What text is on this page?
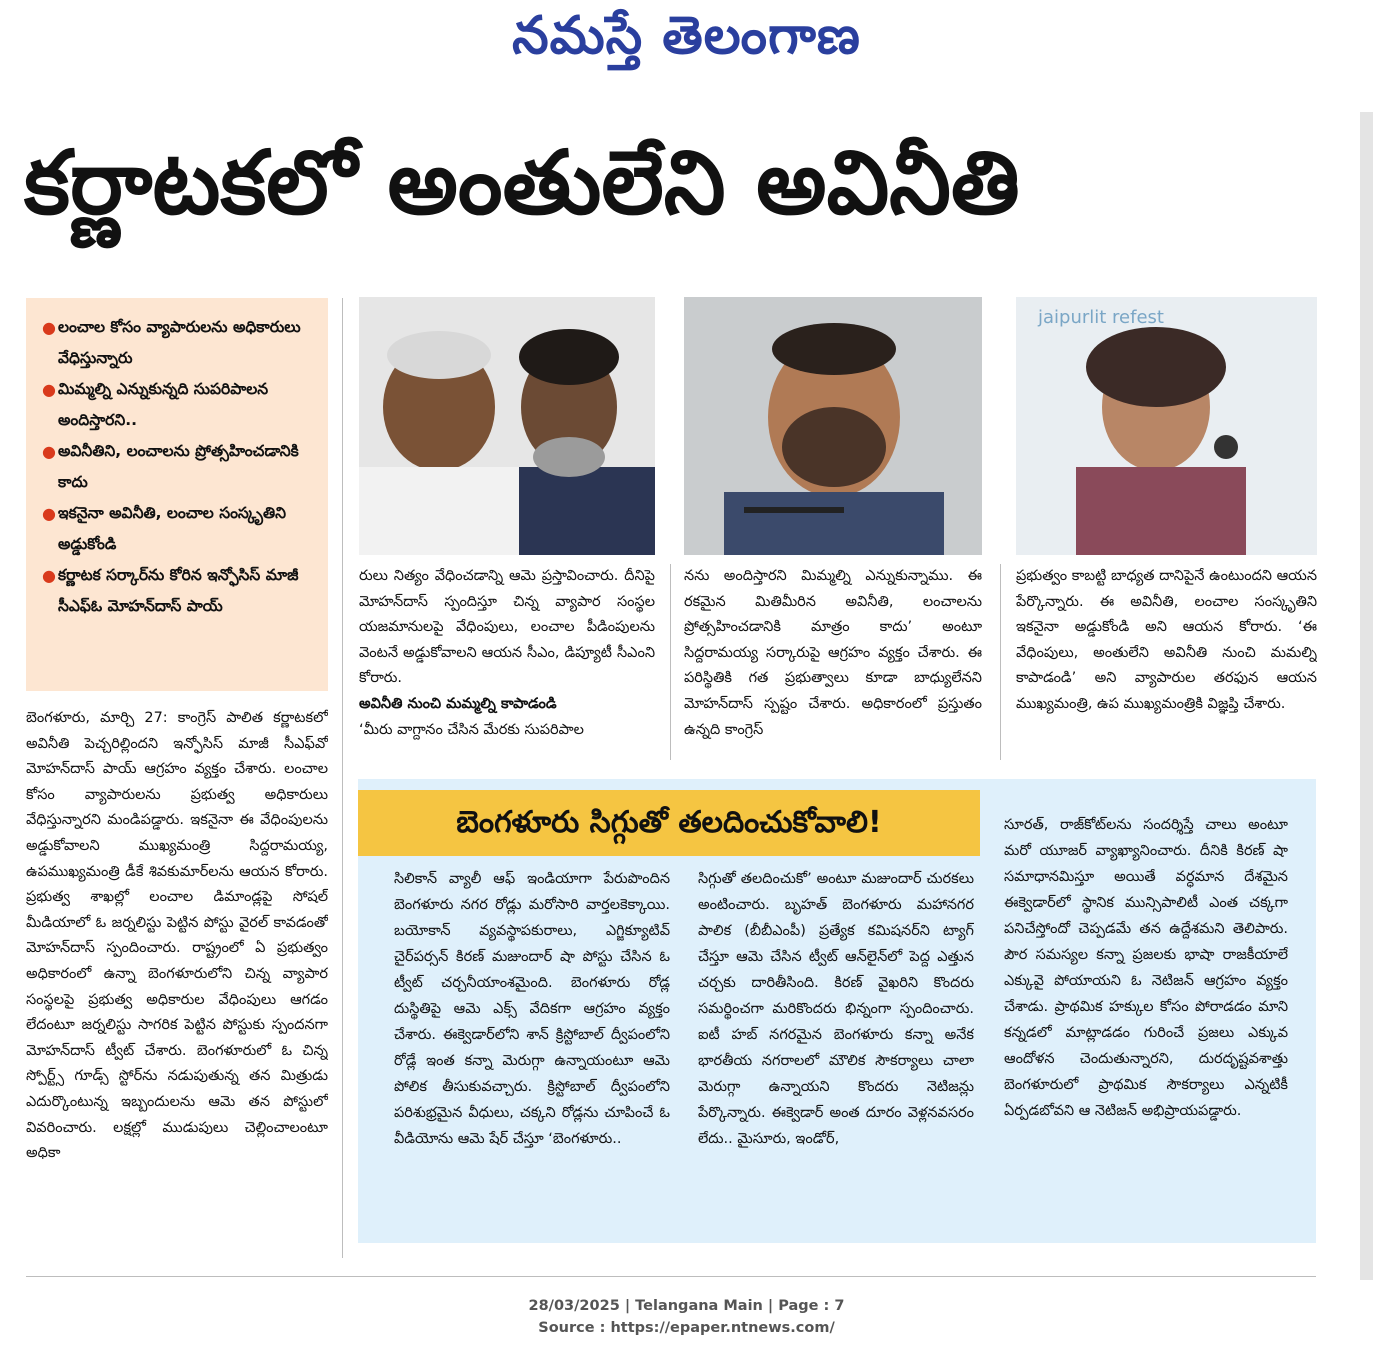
నమస్తే తెలంగాణ
కర్ణాటకలో అంతులేని అవినీతి
● లంచాల కోసం వ్యాపారులను అధికారులు వేధిస్తున్నారు
● మిమ్మల్ని ఎన్నుకున్నది సుపరిపాలన అందిస్తారని..
● అవినీతిని, లంచాలను ప్రోత్సహించడానికి కాదు
● ఇకనైనా అవినీతి, లంచాల సంస్కృతిని అడ్డుకోండి
● కర్ణాటక సర్కార్‌ను కోరిన ఇన్ఫోసిస్ మాజీ సీఎఫ్ఓ మోహన్‌దాస్ పాయ్
jaipurlit refest

బెంగళూరు, మార్చి 27: కాంగ్రెస్ పాలిత కర్ణాటకలో అవినీతి పెచ్చరిల్లిందని ఇన్ఫోసిస్ మాజీ సీఎఫ్‌వో మోహన్‌దాస్ పాయ్ ఆగ్రహం వ్యక్తం చేశారు. లంచాల కోసం వ్యాపారులను ప్రభుత్వ అధికారులు వేధిస్తున్నారని మండిపడ్డారు. ఇకనైనా ఈ వేధింపులను అడ్డుకోవాలని ముఖ్యమంత్రి సిద్దరామయ్య, ఉపముఖ్యమంత్రి డీకే శివకుమార్‌లను ఆయన కోరారు. ప్రభుత్వ శాఖల్లో లంచాల డిమాండ్లపై సోషల్ మీడియాలో ఓ జర్నలిస్టు పెట్టిన పోస్టు వైరల్ కావడంతో మోహన్‌దాస్ స్పందించారు. రాష్ట్రంలో ఏ ప్రభుత్వం అధికారంలో ఉన్నా బెంగళూరులోని చిన్న వ్యాపార సంస్థలపై ప్రభుత్వ అధికారుల వేధింపులు ఆగడం లేదంటూ జర్నలిస్టు సాగరిక పెట్టిన పోస్టుకు స్పందనగా మోహన్‌దాస్ ట్వీట్ చేశారు. బెంగళూరులో ఓ చిన్న స్పోర్ట్స్ గూడ్స్ స్టోర్‌ను నడుపుతున్న తన మిత్రుడు ఎదుర్కొంటున్న ఇబ్బందులను ఆమె తన పోస్టులో వివరించారు. లక్షల్లో ముడుపులు చెల్లించాలంటూ అధికా

రులు నిత్యం వేధించడాన్ని ఆమె ప్రస్తావించారు. దీనిపై మోహన్‌దాస్ స్పందిస్తూ చిన్న వ్యాపార సంస్థల యజమానులపై వేధింపులు, లంచాల పీడింపులను వెంటనే అడ్డుకోవాలని ఆయన సీఎం, డిప్యూటీ సీఎంని కోరారు.

అవినీతి నుంచి మమ్మల్ని కాపాడండి

‘మీరు వాగ్దానం చేసిన మేరకు సుపరిపాల

నను అందిస్తారని మిమ్మల్ని ఎన్నుకున్నాము. ఈ రకమైన మితిమీరిన అవినీతి, లంచాలను ప్రోత్సహించడానికి మాత్రం కాదు’ అంటూ సిద్దరామయ్య సర్కారుపై ఆగ్రహం వ్యక్తం చేశారు. ఈ పరిస్థితికి గత ప్రభుత్వాలు కూడా బాధ్యులేనని మోహన్‌దాస్ స్పష్టం చేశారు. అధికారంలో ప్రస్తుతం ఉన్నది కాంగ్రెస్

ప్రభుత్వం కాబట్టి బాధ్యత దానిపైనే ఉంటుందని ఆయన పేర్కొన్నారు. ఈ అవినీతి, లంచాల సంస్కృతిని ఇకనైనా అడ్డుకోండి అని ఆయన కోరారు. ‘ఈ వేధింపులు, అంతులేని అవినీతి నుంచి మమల్ని కాపాడండి’ అని వ్యాపారుల తరఫున ఆయన ముఖ్యమంత్రి, ఉప ముఖ్యమంత్రికి విజ్ఞప్తి చేశారు.

బెంగళూరు సిగ్గుతో తలదించుకోవాలి!

సిలికాన్ వ్యాలీ ఆఫ్ ఇండియాగా పేరుపొందిన బెంగళూరు నగర రోడ్లు మరోసారి వార్తలకెక్కాయి. బయోకాన్ వ్యవస్థాపకురాలు, ఎగ్జిక్యూటివ్ చైర్‌పర్సన్ కిరణ్ మజుందార్ షా పోస్టు చేసిన ఓ ట్వీట్ చర్చనీయాంశమైంది. బెంగళూరు రోడ్ల దుస్థితిపై ఆమె ఎక్స్ వేదికగా ఆగ్రహం వ్యక్తం చేశారు. ఈక్వెడార్‌లోని శాన్ క్రిస్టోబాల్ ద్వీపంలోని రోడ్లే ఇంత కన్నా మెరుగ్గా ఉన్నాయంటూ ఆమె పోలిక తీసుకువచ్చారు. క్రిస్టోబాల్ ద్వీపంలోని పరిశుభ్రమైన వీధులు, చక్కని రోడ్లను చూపించే ఓ వీడియోను ఆమె షేర్ చేస్తూ ‘బెంగళూరు..

సిగ్గుతో తలదించుకో’ అంటూ మజుందార్ చురకలు అంటించారు. బృహత్ బెంగళూరు మహానగర పాలిక (బీబీఎంపీ) ప్రత్యేక కమిషనర్‌ని ట్యాగ్ చేస్తూ ఆమె చేసిన ట్వీట్ ఆన్‌లైన్‌లో పెద్ద ఎత్తున చర్చకు దారితీసింది. కిరణ్ వైఖరిని కొందరు సమర్థించగా మరికొందరు భిన్నంగా స్పందించారు. ఐటీ హబ్ నగరమైన బెంగళూరు కన్నా అనేక భారతీయ నగరాలలో మౌలిక సౌకర్యాలు చాలా మెరుగ్గా ఉన్నాయని కొందరు నెటిజన్లు పేర్కొన్నారు. ఈక్వెడార్ అంత దూరం వెళ్లనవసరం లేదు.. మైసూరు, ఇండోర్,

సూరత్, రాజ్‌కోట్‌లను సందర్శిస్తే చాలు అంటూ మరో యూజర్ వ్యాఖ్యానించారు. దీనికి కిరణ్ షా సమాధానమిస్తూ అయితే వర్ధమాన దేశమైన ఈక్వెడార్‌లో స్థానిక మున్సిపాలిటీ ఎంత చక్కగా పనిచేస్తోందో చెప్పడమే తన ఉద్దేశమని తెలిపారు. పౌర సమస్యల కన్నా ప్రజలకు భాషా రాజకీయాలే ఎక్కువై పోయాయని ఓ నెటిజన్ ఆగ్రహం వ్యక్తం చేశాడు. ప్రాథమిక హక్కుల కోసం పోరాడడం మాని కన్నడలో మాట్లాడడం గురించే ప్రజలు ఎక్కువ ఆందోళన చెందుతున్నారని, దురదృష్టవశాత్తు బెంగళూరులో ప్రాథమిక సౌకర్యాలు ఎన్నటికీ ఏర్పడబోవని ఆ నెటిజన్ అభిప్రాయపడ్డారు.

28/03/2025 | Telangana Main | Page : 7
Source : https://epaper.ntnews.com/
